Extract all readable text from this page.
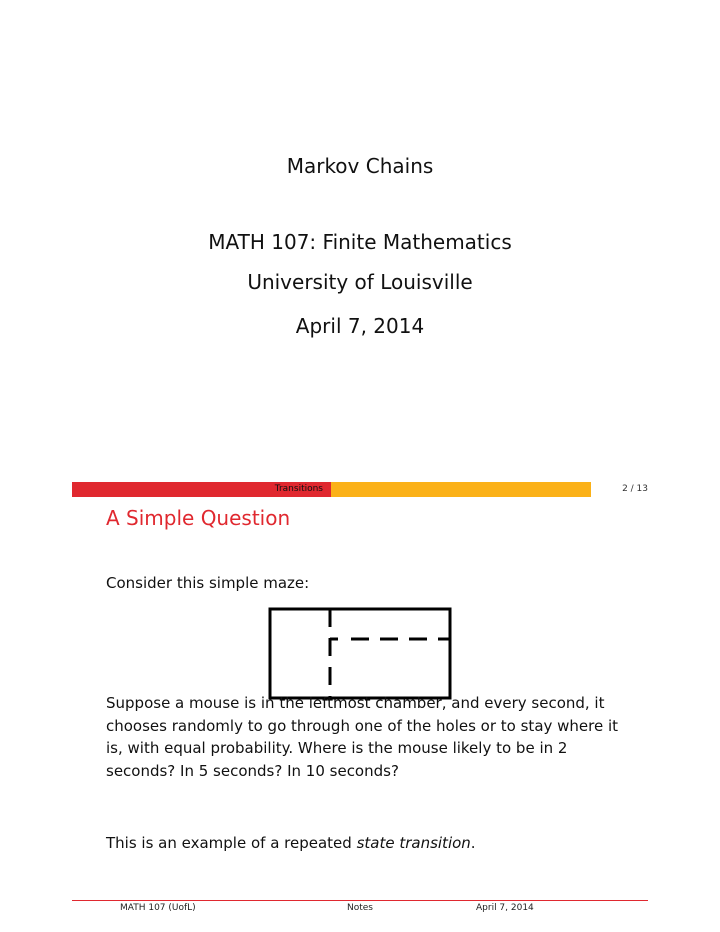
Markov Chains
MATH 107: Finite Mathematics
University of Louisville
April 7, 2014
Transitions	2 / 13
A Simple Question
Consider this simple maze:
Suppose a mouse is in the leftmost chamber, and every second, it chooses randomly to go through one of the holes or to stay where it is, with equal probability. Where is the mouse likely to be in 2 seconds? In 5 seconds? In 10 seconds?
This is an example of a repeated state transition.
MATH 107 (UofL)	Notes	April 7, 2014
